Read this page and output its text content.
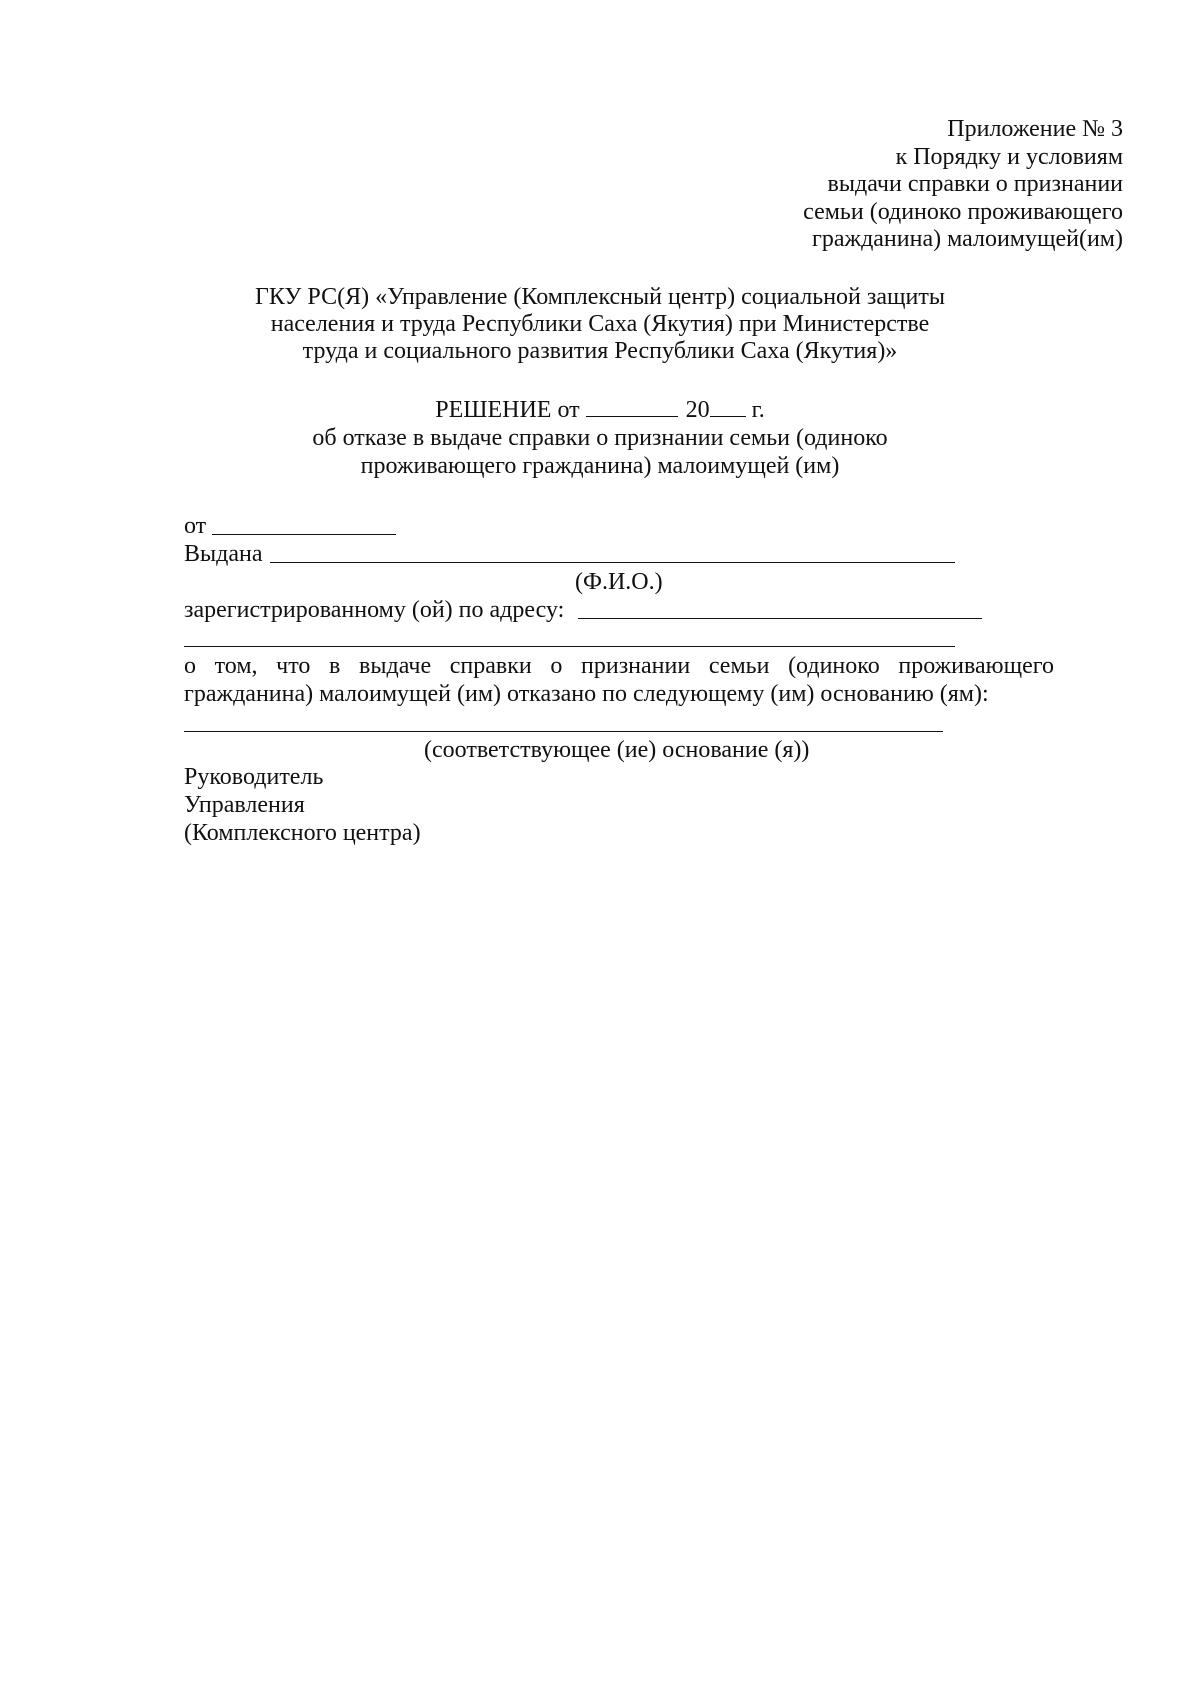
Приложение № 3
к Порядку и условиям
выдачи справки о признании
семьи (одиноко проживающего
гражданина) малоимущей(им)
ГКУ РС(Я) «Управление (Комплексный центр) социальной защиты
населения и труда Республики Саха (Якутия) при Министерстве
труда и социального развития Республики Саха (Якутия)»
РЕШЕНИЕ от	20 г.
об отказе в выдаче справки о признании семьи (одиноко
проживающего гражданина) малоимущей (им)
от
Выдана
(Ф.И.О.)
зарегистрированному (ой) по адресу:
о том, что в выдаче справки о признании семьи (одиноко проживающего гражданина) малоимущей (им) отказано по следующему (им) основанию (ям):
(соответствующее (ие) основание (я))
Руководитель
Управления
(Комплексного центра)
